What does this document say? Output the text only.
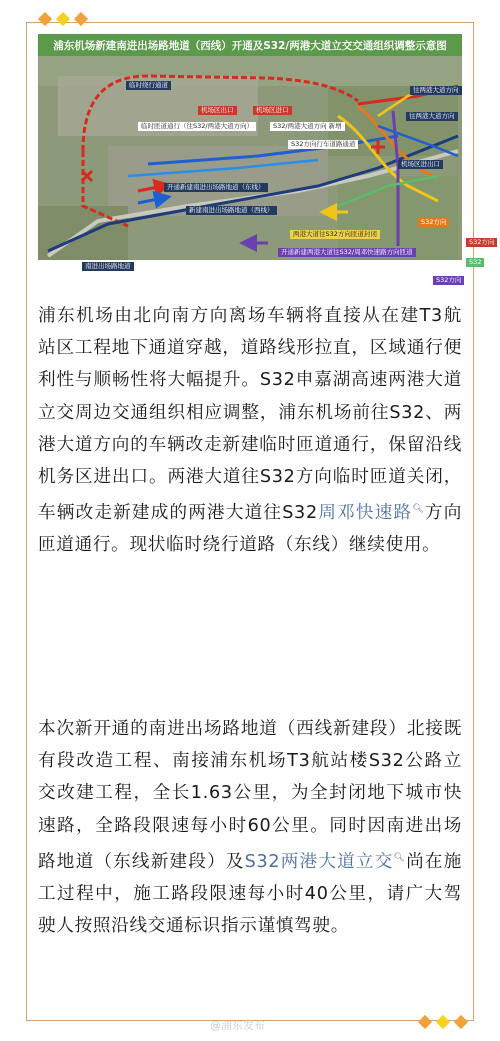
浦东机场新建南进出场路地道（西线）开通及S32/两港大道立交交通组织调整示意图
临时绕行通道
机场区出口	机场区进口
往两港大道方向
往两港大道方向
临时匝道通行（往S32/两港大道方向）	S32/两港大道方向 新增
S32方向行车道路通道
开通新建南进出场路地道（东线）
新建南进出场路地道（西线）
南进出场路地道
机场区进出口
两港大道往S32方向匝道封闭
开通新建两港大道往S32/周邓快速路方向匝道
S32方向
S32方向
S32方向
S32
浦东机场由北向南方向离场车辆将直接从在建T3航站区工程地下通道穿越，道路线形拉直，区域通行便利性与顺畅性将大幅提升。S32申嘉湖高速两港大道立交周边交通组织相应调整，浦东机场前往S32、两港大道方向的车辆改走新建临时匝道通行，保留沿线机务区进出口。两港大道往S32方向临时匝道关闭，车辆改走新建成的两港大道往S32周邓快速路🔍︎方向匝道通行。现状临时绕行道路（东线）继续使用。
本次新开通的南进出场路地道（西线新建段）北接既有段改造工程、南接浦东机场T3航站楼S32公路立交改建工程，全长1.63公里，为全封闭地下城市快速路，全路段限速每小时60公里。同时因南进出场路地道（东线新建段）及S32两港大道立交🔍︎尚在施工过程中，施工路段限速每小时40公里，请广大驾驶人按照沿线交通标识指示谨慎驾驶。
@浦东发布
